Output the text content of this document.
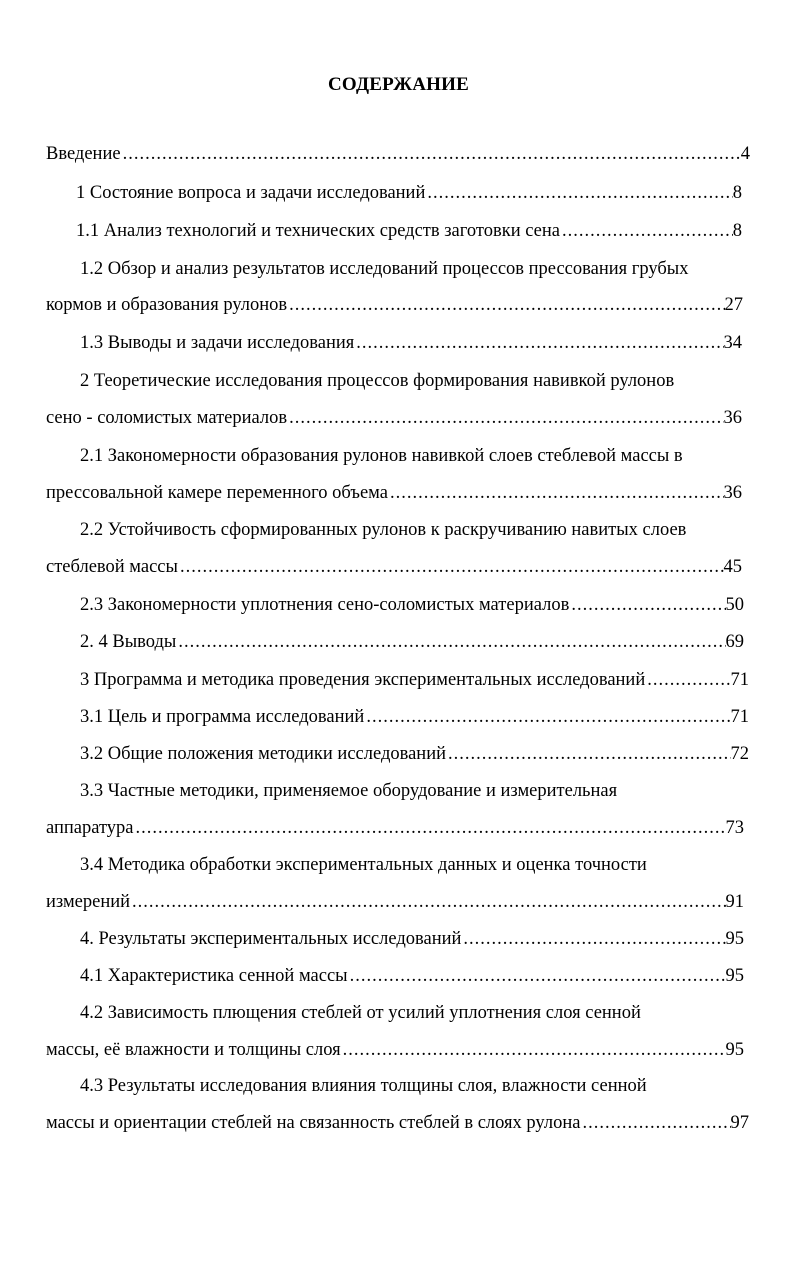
СОДЕРЖАНИЕ
Введение .....	4
1 Состояние вопроса и задачи исследований .....	8
1.1 Анализ технологий и технических средств заготовки сена .....	8
1.2 Обзор и анализ результатов исследований процессов прессования грубых
кормов и образования рулонов .....	27
1.3 Выводы и задачи исследования .....	34
2 Теоретические исследования процессов формирования навивкой рулонов
сено - соломистых материалов .....	36
2.1 Закономерности образования рулонов навивкой слоев стеблевой массы в
прессовальной камере переменного объема .....	36
2.2 Устойчивость сформированных рулонов к раскручиванию навитых слоев
стеблевой массы .....	45
2.3 Закономерности уплотнения сено-соломистых материалов .....	50
2. 4 Выводы .....	69
3 Программа и методика проведения экспериментальных исследований .....	71
3.1 Цель и программа исследований .....	71
3.2 Общие положения методики исследований .....	72
3.3 Частные методики, применяемое оборудование и измерительная
аппаратура .....	73
3.4 Методика обработки экспериментальных данных и оценка точности
измерений .....	91
4. Результаты экспериментальных исследований .....	95
4.1 Характеристика сенной массы .....	95
4.2 Зависимость плющения стеблей от усилий уплотнения слоя сенной
массы, её влажности и толщины слоя .....	95
4.3 Результаты исследования влияния толщины слоя, влажности сенной
массы и ориентации стеблей на связанность стеблей в слоях рулона .....	97
